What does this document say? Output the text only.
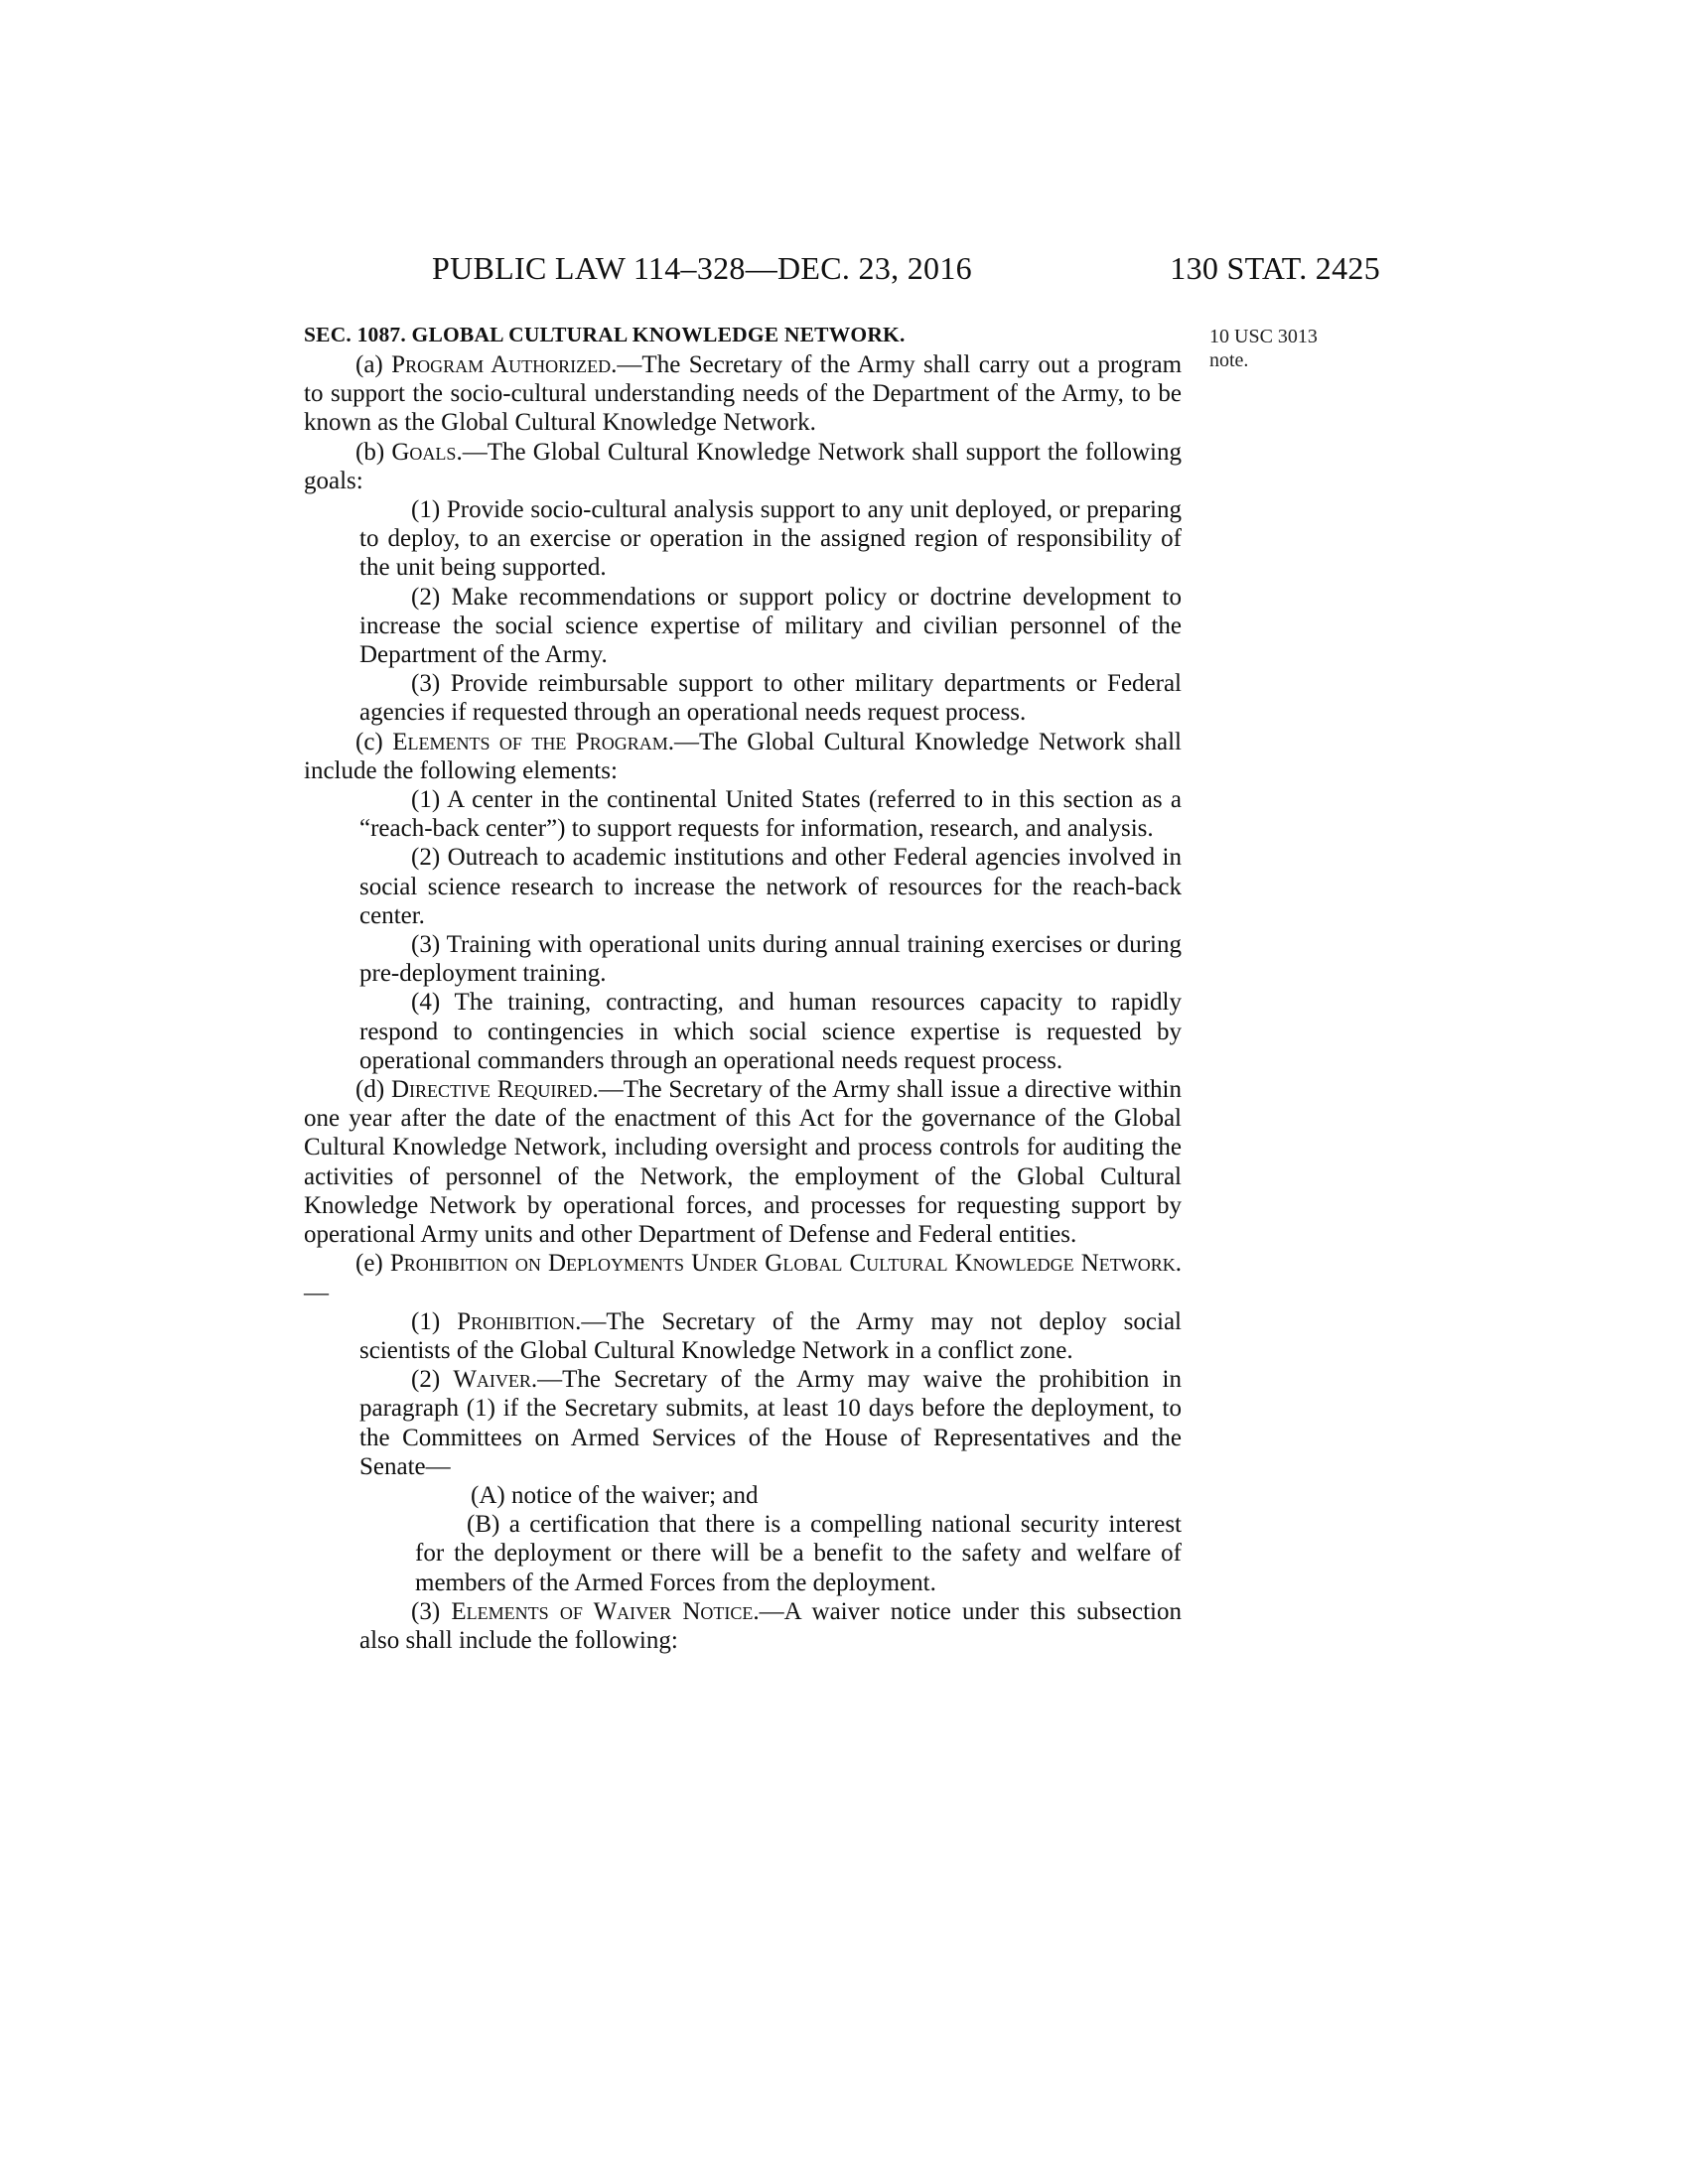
PUBLIC LAW 114–328—DEC. 23, 2016	130 STAT. 2425
10 USC 3013
note.

SEC. 1087. GLOBAL CULTURAL KNOWLEDGE NETWORK.

(a) Program Authorized.—The Secretary of the Army shall carry out a program to support the socio-cultural understanding needs of the Department of the Army, to be known as the Global Cultural Knowledge Network.

(b) Goals.—The Global Cultural Knowledge Network shall support the following goals:

(1) Provide socio-cultural analysis support to any unit deployed, or preparing to deploy, to an exercise or operation in the assigned region of responsibility of the unit being supported.

(2) Make recommendations or support policy or doctrine development to increase the social science expertise of military and civilian personnel of the Department of the Army.

(3) Provide reimbursable support to other military departments or Federal agencies if requested through an operational needs request process.

(c) Elements of the Program.—The Global Cultural Knowledge Network shall include the following elements:

(1) A center in the continental United States (referred to in this section as a “reach-back center”) to support requests for information, research, and analysis.

(2) Outreach to academic institutions and other Federal agencies involved in social science research to increase the network of resources for the reach-back center.

(3) Training with operational units during annual training exercises or during pre-deployment training.

(4) The training, contracting, and human resources capacity to rapidly respond to contingencies in which social science expertise is requested by operational commanders through an operational needs request process.

(d) Directive Required.—The Secretary of the Army shall issue a directive within one year after the date of the enactment of this Act for the governance of the Global Cultural Knowledge Network, including oversight and process controls for auditing the activities of personnel of the Network, the employment of the Global Cultural Knowledge Network by operational forces, and processes for requesting support by operational Army units and other Department of Defense and Federal entities.

(e) Prohibition on Deployments Under Global Cultural Knowledge Network.—

(1) Prohibition.—The Secretary of the Army may not deploy social scientists of the Global Cultural Knowledge Network in a conflict zone.

(2) Waiver.—The Secretary of the Army may waive the prohibition in paragraph (1) if the Secretary submits, at least 10 days before the deployment, to the Committees on Armed Services of the House of Representatives and the Senate—

(A) notice of the waiver; and

(B) a certification that there is a compelling national security interest for the deployment or there will be a benefit to the safety and welfare of members of the Armed Forces from the deployment.

(3) Elements of Waiver Notice.—A waiver notice under this subsection also shall include the following:
